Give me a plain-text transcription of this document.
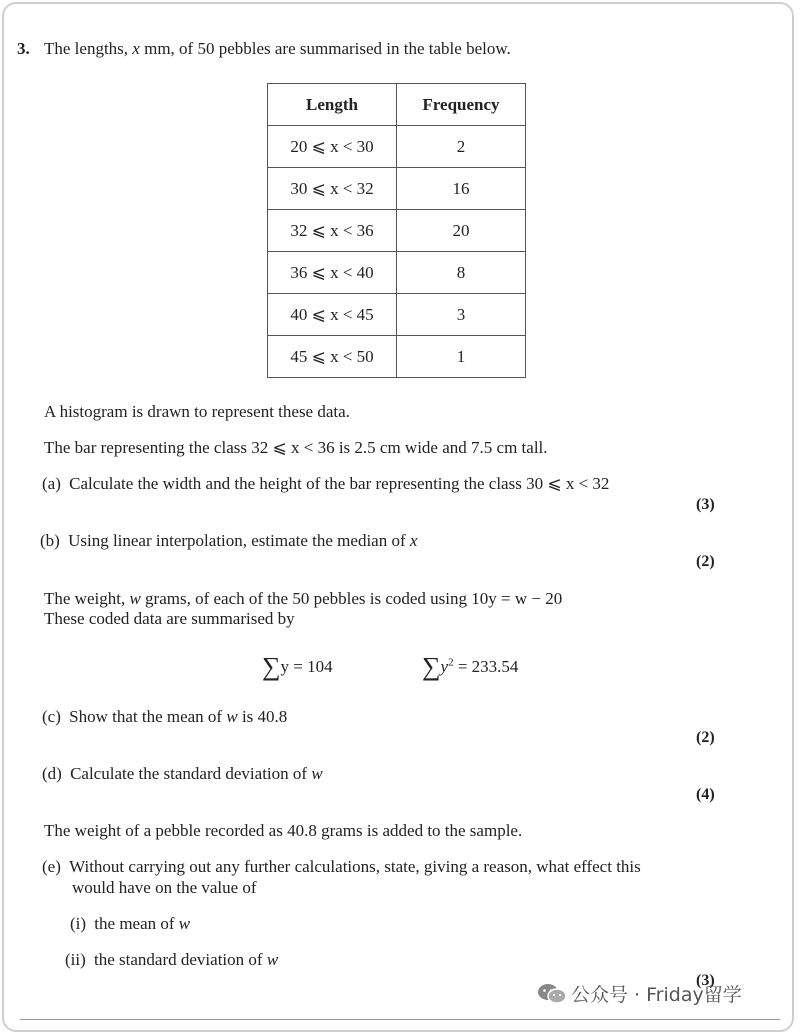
3. The lengths, x mm, of 50 pebbles are summarised in the table below.
Length	Frequency
20 ⩽ x < 30	2
30 ⩽ x < 32	16
32 ⩽ x < 36	20
36 ⩽ x < 40	8
40 ⩽ x < 45	3
45 ⩽ x < 50	1
A histogram is drawn to represent these data.
The bar representing the class 32 ⩽ x < 36 is 2.5 cm wide and 7.5 cm tall.
(a) Calculate the width and the height of the bar representing the class 30 ⩽ x < 32
(3)
(b) Using linear interpolation, estimate the median of x
(2)
The weight, w grams, of each of the 50 pebbles is coded using 10y = w − 20
These coded data are summarised by
∑y = 104	$\sum y^2 = 233.54$
(c) Show that the mean of w is 40.8
(2)
(d) Calculate the standard deviation of w
(4)
The weight of a pebble recorded as 40.8 grams is added to the sample.
(e) Without carrying out any further calculations, state, giving a reason, what effect this
would have on the value of
(i) the mean of w
(ii) the standard deviation of w
(3)
公众号 · Friday留学
